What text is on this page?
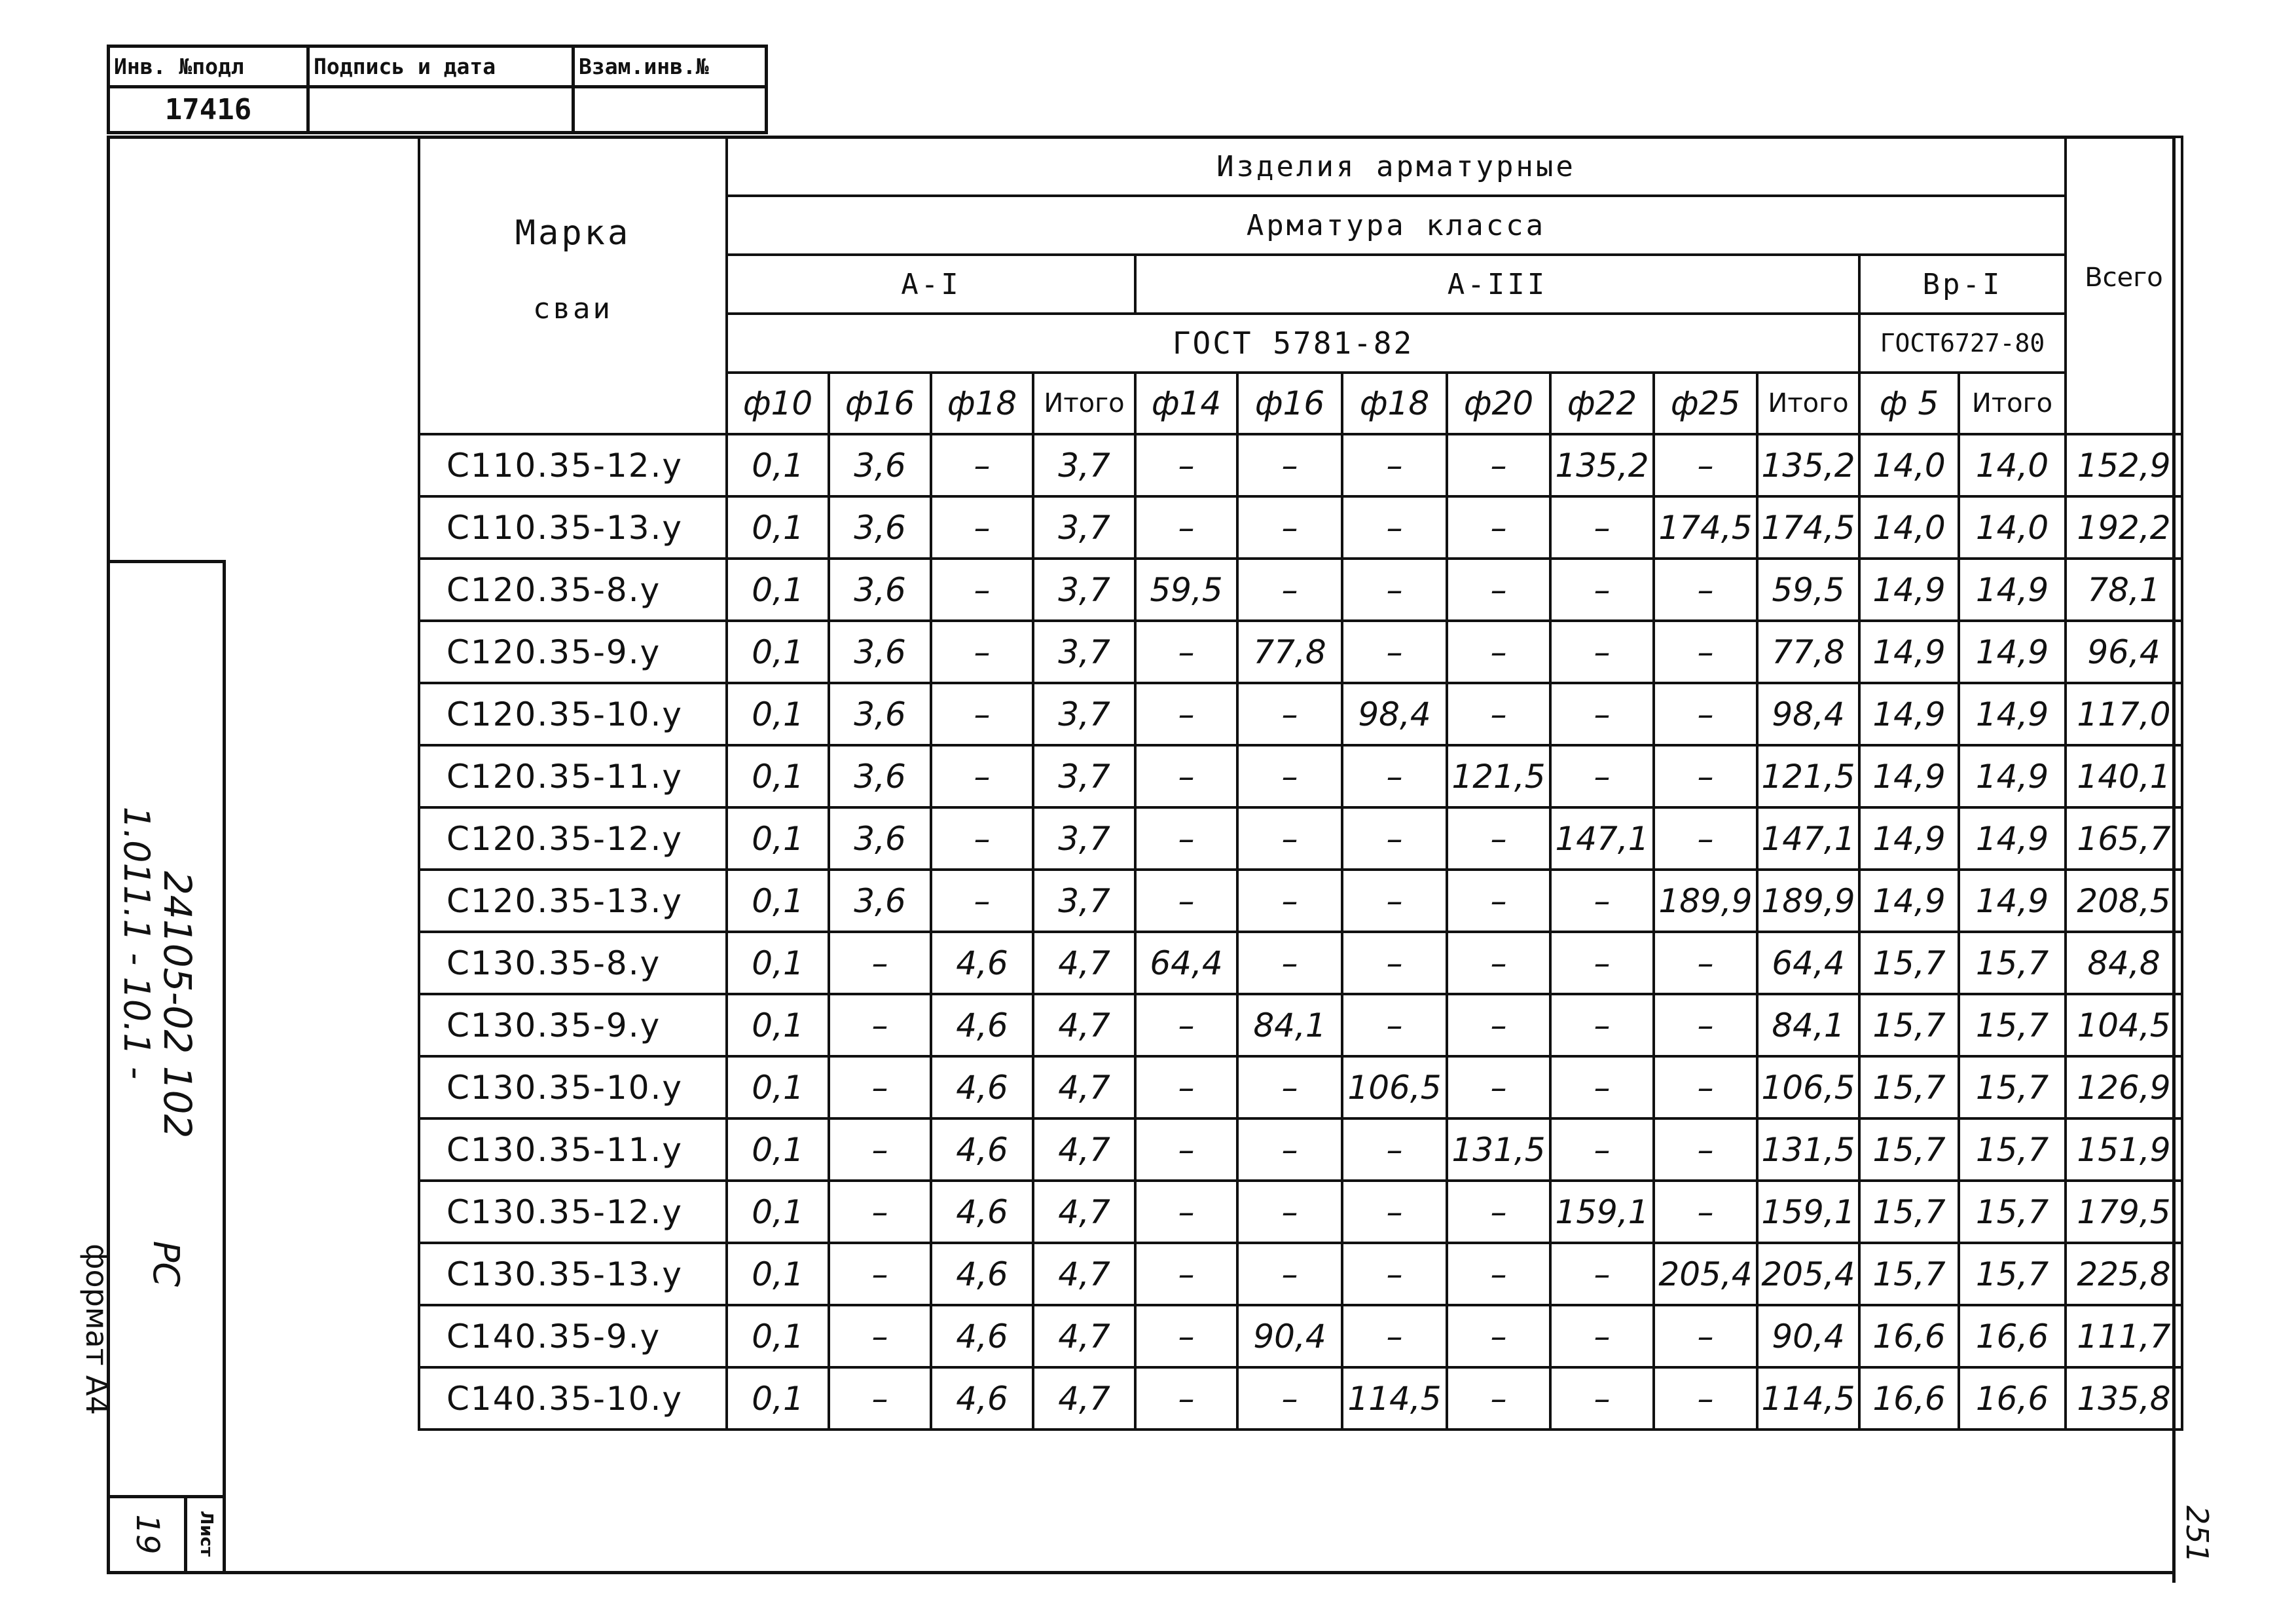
Инв. №подл	Подпись и дата	Взам.инв.№
17416		
24105-02 102
1.011.1 - 10.1 -
РС
формат А4
19	Лист	251
Марка
сваи	Изделия арматурные													Всего
	Арматура класса													
	А-I				А-III							Вр-I		
	ГОСТ 5781-82											ГОСТ6727-80		
	ф10	ф16	ф18	Итого	ф14	ф16	ф18	ф20	ф22	ф25	Итого	ф 5	Итого	
С110.35-12.у	0,1	3,6	–	3,7	–	–	–	–	135,2	–	135,2	14,0	14,0	152,9
С110.35-13.у	0,1	3,6	–	3,7	–	–	–	–	–	174,5	174,5	14,0	14,0	192,2
С120.35-8.у	0,1	3,6	–	3,7	59,5	–	–	–	–	–	59,5	14,9	14,9	78,1
С120.35-9.у	0,1	3,6	–	3,7	–	77,8	–	–	–	–	77,8	14,9	14,9	96,4
С120.35-10.у	0,1	3,6	–	3,7	–	–	98,4	–	–	–	98,4	14,9	14,9	117,0
С120.35-11.у	0,1	3,6	–	3,7	–	–	–	121,5	–	–	121,5	14,9	14,9	140,1
С120.35-12.у	0,1	3,6	–	3,7	–	–	–	–	147,1	–	147,1	14,9	14,9	165,7
С120.35-13.у	0,1	3,6	–	3,7	–	–	–	–	–	189,9	189,9	14,9	14,9	208,5
С130.35-8.у	0,1	–	4,6	4,7	64,4	–	–	–	–	–	64,4	15,7	15,7	84,8
С130.35-9.у	0,1	–	4,6	4,7	–	84,1	–	–	–	–	84,1	15,7	15,7	104,5
С130.35-10.у	0,1	–	4,6	4,7	–	–	106,5	–	–	–	106,5	15,7	15,7	126,9
С130.35-11.у	0,1	–	4,6	4,7	–	–	–	131,5	–	–	131,5	15,7	15,7	151,9
С130.35-12.у	0,1	–	4,6	4,7	–	–	–	–	159,1	–	159,1	15,7	15,7	179,5
С130.35-13.у	0,1	–	4,6	4,7	–	–	–	–	–	205,4	205,4	15,7	15,7	225,8
С140.35-9.у	0,1	–	4,6	4,7	–	90,4	–	–	–	–	90,4	16,6	16,6	111,7
С140.35-10.у	0,1	–	4,6	4,7	–	–	114,5	–	–	–	114,5	16,6	16,6	135,8
